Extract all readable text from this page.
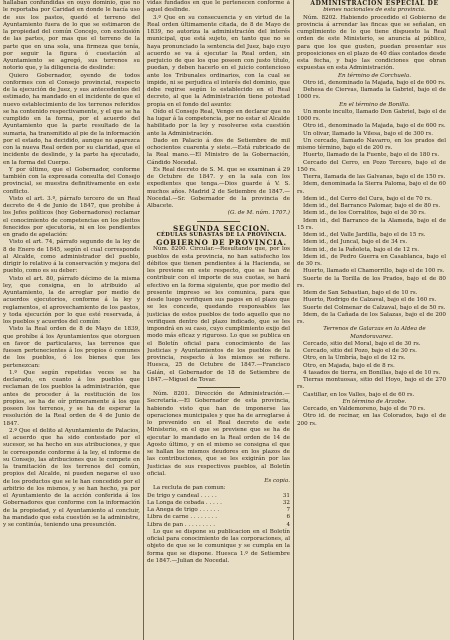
hallaban confundidas en ouyo dominio, que no le reportaba por Caridad en donde le hacía uso de sus los pastos, quedó el terreno del Ayuntamiento fuera de lo que se estimaron de la propiedad del común Concejo, con exclusión de las partes, por mas que el terreno de la parte que en una sola, una firmeza que tenía, por seguir la figura ó cuestación al Ayuntamiento se agregó, sus terrenos su notorio que, y la diligencia de deslinde:

Quiero Gobernador, oyendo de todos conformes con el Consejo provincial, respecto de la ejecución de Juez, y sus antecedentes del estimado, ha mandado en el incidente de que el nuevo establecimiento de los terrenos referidos se ha contenido respectivamente, y el que se ha cumplido en la forma, por el acuerdo del Ayuntamiento que la parte resultado de la sumaria, ha transmitido al pie de la información por el estado, ha decidido, aunque no aparezca con la nueva Real orden por su claridad, que el incidente de deslinde, y la parte ha ejecutado, en la forma del Cuerpo.

Y por último, que el Gobernador, conforme también con la expresada consulta del Consejo provincial, se muestra definitivamente en este conflicto.

Visto el art. 3.º, párrafo tercero de un Real decreto de 4 de Junio de 1847, que prohíbe á los Jefes políticos (hoy Gobernadores) reclamar el conocimiento de competencias en los pleitos fenecidos por ejecutoria, ni en los pendientes en grado de apelación:

Visto el art. 74, párrafo segundo de la ley de 8 de Enero de 1845, según el cual corresponde al Alcalde, como administrador del pueblo, dirigir lo relativo á la conservación y mejora del pueblo, como es su deber:

Visto el art. 80, párrafo décimo de la misma ley, que consigna, en lo atribuido al Ayuntamiento, la de arreglar por medio de acuerdos ejecutorios, conforme á la ley y reglamentos, el aprovechamiento de los pastos, y toda ejecución por lo que esté reservada, á los pueblos y acuerdos del común:

Visto la Real orden de 8 de Mayo de 1839, que prohíbe á los Ayuntamientos que otorguen en favor de particulares, las terrenos que fuesen pertenecientes á los propios ó comunes de los pueblos, ó los bienes que les pertenezcan:

1.º Que según repetidas veces se ha declarado, en cuanto á los pueblos que reclaman de los pueblos la administración, que antes de proceder á la restitución de los propios, se ha de oír primeramente á los que poseen los terrenos, y se ha de esperar la resolución de la Real orden de 4 de Junio de 1847.

2.º Que el delito al Ayuntamiento de Palacios, el acuerdo que ha sido contestado por el sucesor, se ha hecho en sus atribuciones, y que le corresponde conforme á la ley, el informe de su Consejo, las atribuciones que le compete en la tramitación de los terrenos del común, propios del Alcalde, ni pueden negarse el uso de los productos que se le han concedido por el arbitrio de los mismos, y se han hecho, ya por el Ayuntamiento de la acción conferida á los Gobernadores que conforme con la información de la propiedad, y el Ayuntamiento al concluir, ha mandado que esta cuestión se la administre, y se continúa, teniendo una presunción.

vidas fundados en que le pertenecen conforme á aquel deslinde.

3.º Que en su consecuencia y en virtud de la Real orden últimamente citada, de 8 de Mayo de 1839, no autoriza la administración del interés municipal, que está sujeto, en tanto que no se haya pronunciado la sentencia del Juez, bajo cuyo acuerdo se va á ejecutar la Real orden, sin perjuicio de que los que poseen con justo título, puedan, y deben hacerlo en el juicio contencioso ante los Tribunales ordinarios, con la cual se impide, ni se perjudica el interés del dominio, que debe regirse según lo establecido en el Real decreto, al que la Administración tiene potestad propia en el fondo del asunto:

Oído el Consejo Real, Vengo en declarar que no ha lugar á la competencia, por no estar el Alcalde habilitado por la ley y resolverse esta cuestión ante la Administración.

Dado en Palacio á dos de Setiembre de mil ochocientos cuarenta y siete.—Está rubricado de la Real mano.—El Ministro de la Gobernación, Cándido Nocedal.

Es Real decreto de S. M. que se examinan á 29 de Octubre de 1847. y en la sala con los expedientes que tenga.—Dios guarde á V. S. muchos años. Madrid 2 de Setiembre de 1847.—Nocedal.—Sr. Gobernador de la provincia de Albacete.

(G. de M. núm. 1707.)

SEGUNDA SECCION.

CÉDULAS SUBASTAS DE LA PROVINCIA.

GOBIERNO DE PROVINCIA.

Núm. 8200. Circular.—Resultando que, por los pueblos de esta provincia, no han satisfecho los débitos que tienen pendientes á la Hacienda, se les previene en este respecto, que se han de contribuir con el importe de sus cuotas, se hará efectivo en la forma siguiente, que por medio del presente impreso se les comunica, para que desde luego verifiquen sus pagos en el plazo que se les concede, quedando responsables las justicias de estos pueblos de todo aquello que no verifiquen dentro del plazo indicado, que se les impondrá en su caso, cuyo cumplimiento exijo del modo más eficaz y riguroso. Lo que se publica en el Boletín oficial para conocimiento de las Justicias y Ayuntamientos de los pueblos de la provincia, respecto á los mismos se refiere. Huesca, 25 de Octubre de 1847.—Francisco Galán, el Gobernador de 18 de Setiembre de 1847.—Miguel de Tovar.

Núm. 8201. Dirección de Administración.—Secretaría.—El Gobernador de esta provincia, habiendo visto que han de imponerse las operaciones municipales y que ha de arreglarse á lo prevenido en el Real decreto de este Ministerio, en el que se previene que se ha de ejecutar lo mandado en la Real orden de 14 de Agosto último, y en el mismo se consigna el que se hallan los mismos deudores en los plazos de las contribuciones, que se les exigirán por las Justicias de sus respectivos pueblos, al Boletín oficial.

Es copia.

La recluta de pan comun:

De trigo y candeal . . . . .	31
La Longa de cebada . . . . .	32
La Anega de trigo . . . . . .	7
Libra de carne . . . . . . . .	6
Libra de pan . . . . . . . . .	4

Lo que se dispone su publicacion en el Boletín oficial para conocimiento de las corporaciones, al objeto de que se le comunique y se cumpla en la forma que se dispone. Huesca 1.º de Setiembre de 1847.—Julian de Nocedal.

ADMINISTRACION ESPECIAL DE

bienes nacionales de esta provincia.

Núm. 8202. Habiendo procedido el Gobierno de provincia á arrendar las fincas que se señalan, en cumplimiento de lo que tiene dispuesto la Real orden de este Ministerio, se anuncia al público, para que los que gusten, puedan presentar sus proposiciones en el plazo de 40 días contados desde esta fecha, y bajo las condiciones que obran expuestas en esta Administración.

En término de Corchuela.

Otro id., denominado la Majada, bajo el de 600 rs.

Dehesa de Ciervas, llamada la Gabriel, bajo el de 1000 rs.

En el término de Bonilla.

Un monte inculto, llamado Don Gabriel, bajo el de 1000 rs.

Otro id., denominado la Majada, bajo el de 600 rs.

Un olivar, llamado la Vilesa, bajo el de 300 rs.

Un cercado, llamado Navarro, en los prados del mismo término, bajo el de 200 rs.

Huerto, llamado de la Fuente, bajo el de 180 rs.

Cercado del Cerro, en Pozo Tercero, bajo el de 150 rs.

Tierra, llamada de las Galvanas, bajo el de 150 rs.

Idem, denominada la Sierra Paloma, bajo el de 60 rs.

Idem id., del Cerro del Cura, bajo el de 70 rs.

Idem id., del Barranco Palomar, bajo el de 80 rs.

Idem id., de los Corralitos, bajo el de 30 rs.

Idem id., del Barranco de la Alameda, bajo el de 15 rs.

Idem id., del Valle Jardilla, bajo el de 15 rs.

Idem id., del Juncal, bajo el de 34 rs.

Idem id., de la Pañoleta, bajo el de 12 rs.

Idem id., de Pedro Guerra en Casablanca, bajo el de 30 rs.

Huerto, llamado el Chamorrillo, bajo el de 100 rs.

Suerte de la Torilla de los Prados, bajo el de 80 rs.

Idem de San Sebastian, bajo el de 10 rs.

Huerto, Rodrigo de Calzaval, bajo el de 160 rs.

Suerte del Colmenar de Calzaval, bajo el de 50 rs.

Idem, de la Cañada de los Salazas, bajo el de 200 rs.

Terrenos de Galarzas en la Aldea de Mandoravarez.

Cercado, sitio del Moral, bajo el de 30 rs.

Cercado, sitio del Pozo, bajo el de 30 rs.

Otro, en la Umbría, bajo el de 12 rs.

Otro, en Majada, bajo el de 8 rs.

4 tasados de tierra, en Bonillas, bajo el de 10 rs.

Tierras montuosas, sitio del Hoyo, bajo el de 270 rs.

Castillar, en los Valles, bajo el de 60 rs.

En término de Arzobe.

Cercado, en Valdemoreno, bajo el de 70 rs.

Otro id. de recinar, en las Colorados, bajo el de 200 rs.
